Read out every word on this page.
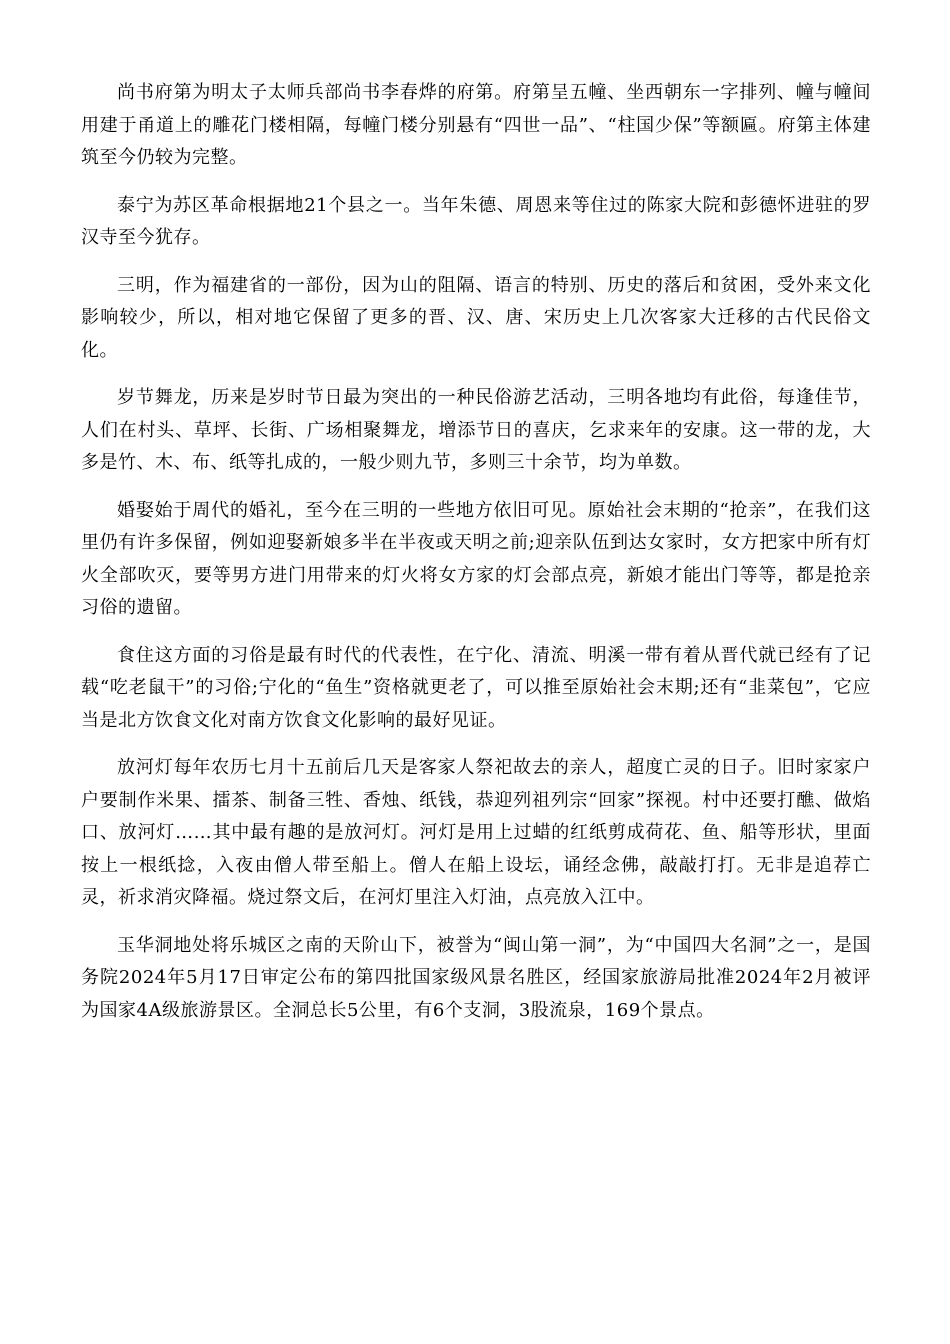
尚书府第为明太子太师兵部尚书李春烨的府第。府第呈五幢、坐西朝东一字排列、幢与幢间用建于甬道上的雕花门楼相隔，每幢门楼分别悬有“四世一品”、“柱国少保”等额匾。府第主体建筑至今仍较为完整。

泰宁为苏区革命根据地21个县之一。当年朱德、周恩来等住过的陈家大院和彭德怀进驻的罗汉寺至今犹存。

三明，作为福建省的一部份，因为山的阻隔、语言的特别、历史的落后和贫困，受外来文化影响较少，所以，相对地它保留了更多的晋、汉、唐、宋历史上几次客家大迁移的古代民俗文化。

岁节舞龙，历来是岁时节日最为突出的一种民俗游艺活动，三明各地均有此俗，每逢佳节，人们在村头、草坪、长街、广场相聚舞龙，增添节日的喜庆，乞求来年的安康。这一带的龙，大多是竹、木、布、纸等扎成的，一般少则九节，多则三十余节，均为单数。

婚娶始于周代的婚礼，至今在三明的一些地方依旧可见。原始社会末期的“抢亲”，在我们这里仍有许多保留，例如迎娶新娘多半在半夜或天明之前;迎亲队伍到达女家时，女方把家中所有灯火全部吹灭，要等男方进门用带来的灯火将女方家的灯会部点亮，新娘才能出门等等，都是抢亲习俗的遗留。

食住这方面的习俗是最有时代的代表性，在宁化、清流、明溪一带有着从晋代就已经有了记载“吃老鼠干”的习俗;宁化的“鱼生”资格就更老了，可以推至原始社会末期;还有“韭菜包”，它应当是北方饮食文化对南方饮食文化影响的最好见证。

放河灯每年农历七月十五前后几天是客家人祭祀故去的亲人，超度亡灵的日子。旧时家家户户要制作米果、擂茶、制备三牲、香烛、纸钱，恭迎列祖列宗“回家”探视。村中还要打醮、做焰口、放河灯……其中最有趣的是放河灯。河灯是用上过蜡的红纸剪成荷花、鱼、船等形状，里面按上一根纸捻，入夜由僧人带至船上。僧人在船上设坛，诵经念佛，敲敲打打。无非是追荐亡灵，祈求消灾降福。烧过祭文后，在河灯里注入灯油，点亮放入江中。

玉华洞地处将乐城区之南的天阶山下，被誉为“闽山第一洞”，为“中国四大名洞”之一，是国务院2024年5月17日审定公布的第四批国家级风景名胜区，经国家旅游局批准2024年2月被评为国家4A级旅游景区。全洞总长5公里，有6个支洞，3股流泉，169个景点。
